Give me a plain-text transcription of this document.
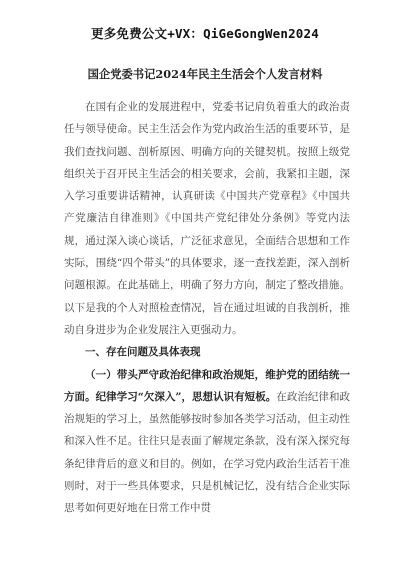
更多免费公文+VX：QiGeGongWen2024
国企党委书记2024年民主生活会个人发言材料

在国有企业的发展进程中，党委书记肩负着重大的政治责任与领导使命。民主生活会作为党内政治生活的重要环节，是我们查找问题、剖析原因、明确方向的关键契机。按照上级党组织关于召开民主生活会的相关要求，会前，我紧扣主题，深入学习重要讲话精神，认真研读《中国共产党章程》《中国共产党廉洁自律准则》《中国共产党纪律处分条例》等党内法规，通过深入谈心谈话，广泛征求意见，全面结合思想和工作实际，围绕“四个带头”的具体要求，逐一查找差距，深入剖析问题根源。在此基础上，明确了努力方向，制定了整改措施。以下是我的个人对照检查情况，旨在通过坦诚的自我剖析，推动自身进步为企业发展注入更强动力。

一、存在问题及具体表现

（一）带头严守政治纪律和政治规矩，维护党的团结统一方面。纪律学习“欠深入”，思想认识有短板。在政治纪律和政治规矩的学习上，虽然能够按时参加各类学习活动，但主动性和深入性不足。往往只是表面了解规定条款，没有深入探究每条纪律背后的意义和目的。例如，在学习党内政治生活若干准则时，对于一些具体要求，只是机械记忆，没有结合企业实际思考如何更好地在日常工作中贯
